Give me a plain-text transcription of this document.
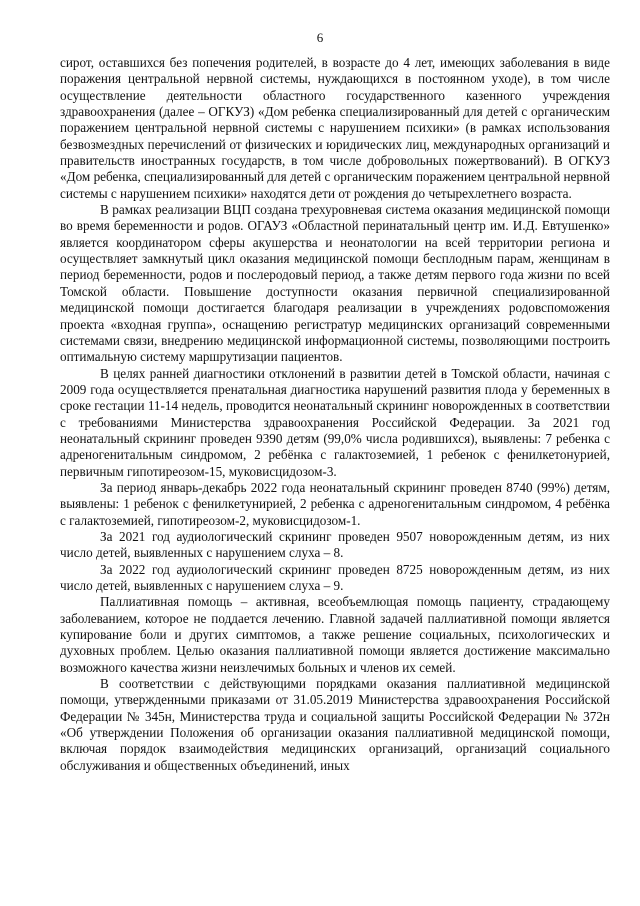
6

сирот, оставшихся без попечения родителей, в возрасте до 4 лет, имеющих заболевания в виде поражения центральной нервной системы, нуждающихся в постоянном уходе), в том числе осуществление деятельности областного государственного казенного учреждения здравоохранения (далее – ОГКУЗ) «Дом ребенка специализированный для детей с органическим поражением центральной нервной системы с нарушением психики» (в рамках использования безвозмездных перечислений от физических и юридических лиц, международных организаций и правительств иностранных государств, в том числе добровольных пожертвований). В ОГКУЗ «Дом ребенка, специализированный для детей с органическим поражением центральной нервной системы с нарушением психики» находятся дети от рождения до четырехлетнего возраста.

В рамках реализации ВЦП создана трехуровневая система оказания медицинской помощи во время беременности и родов. ОГАУЗ «Областной перинатальный центр им. И.Д. Евтушенко» является координатором сферы акушерства и неонатологии на всей территории региона и осуществляет замкнутый цикл оказания медицинской помощи бесплодным парам, женщинам в период беременности, родов и послеродовый период, а также детям первого года жизни по всей Томской области. Повышение доступности оказания первичной специализированной медицинской помощи достигается благодаря реализации в учреждениях родовспоможения проекта «входная группа», оснащению регистратур медицинских организаций современными системами связи, внедрению медицинской информационной системы, позволяющими построить оптимальную систему маршрутизации пациентов.

В целях ранней диагностики отклонений в развитии детей в Томской области, начиная с 2009 года осуществляется пренатальная диагностика нарушений развития плода у беременных в сроке гестации 11-14 недель, проводится неонатальный скрининг новорожденных в соответствии с требованиями Министерства здравоохранения Российской Федерации. За 2021 год неонатальный скрининг проведен 9390 детям (99,0% числа родившихся), выявлены: 7 ребенка с адреногенитальным синдромом, 2 ребёнка с галактоземией, 1 ребенок с фенилкетонурией, первичным гипотиреозом-15, муковисцидозом-3.

За период январь-декабрь 2022 года неонатальный скрининг проведен 8740 (99%) детям, выявлены: 1 ребенок с фенилкетунирией, 2 ребенка с адреногенитальным синдромом, 4 ребёнка с галактоземией, гипотиреозом-2, муковисцидозом-1.

За 2021 год аудиологический скрининг проведен 9507 новорожденным детям, из них число детей, выявленных с нарушением слуха – 8.

За 2022 год аудиологический скрининг проведен 8725 новорожденным детям, из них число детей, выявленных с нарушением слуха – 9.

Паллиативная помощь – активная, всеобъемлющая помощь пациенту, страдающему заболеванием, которое не поддается лечению. Главной задачей паллиативной помощи является купирование боли и других симптомов, а также решение социальных, психологических и духовных проблем. Целью оказания паллиативной помощи является достижение максимально возможного качества жизни неизлечимых больных и членов их семей.

В соответствии с действующими порядками оказания паллиативной медицинской помощи, утвержденными приказами от 31.05.2019 Министерства здравоохранения Российской Федерации № 345н, Министерства труда и социальной защиты Российской Федерации № 372н «Об утверждении Положения об организации оказания паллиативной медицинской помощи, включая порядок взаимодействия медицинских организаций, организаций социального обслуживания и общественных объединений, иных
